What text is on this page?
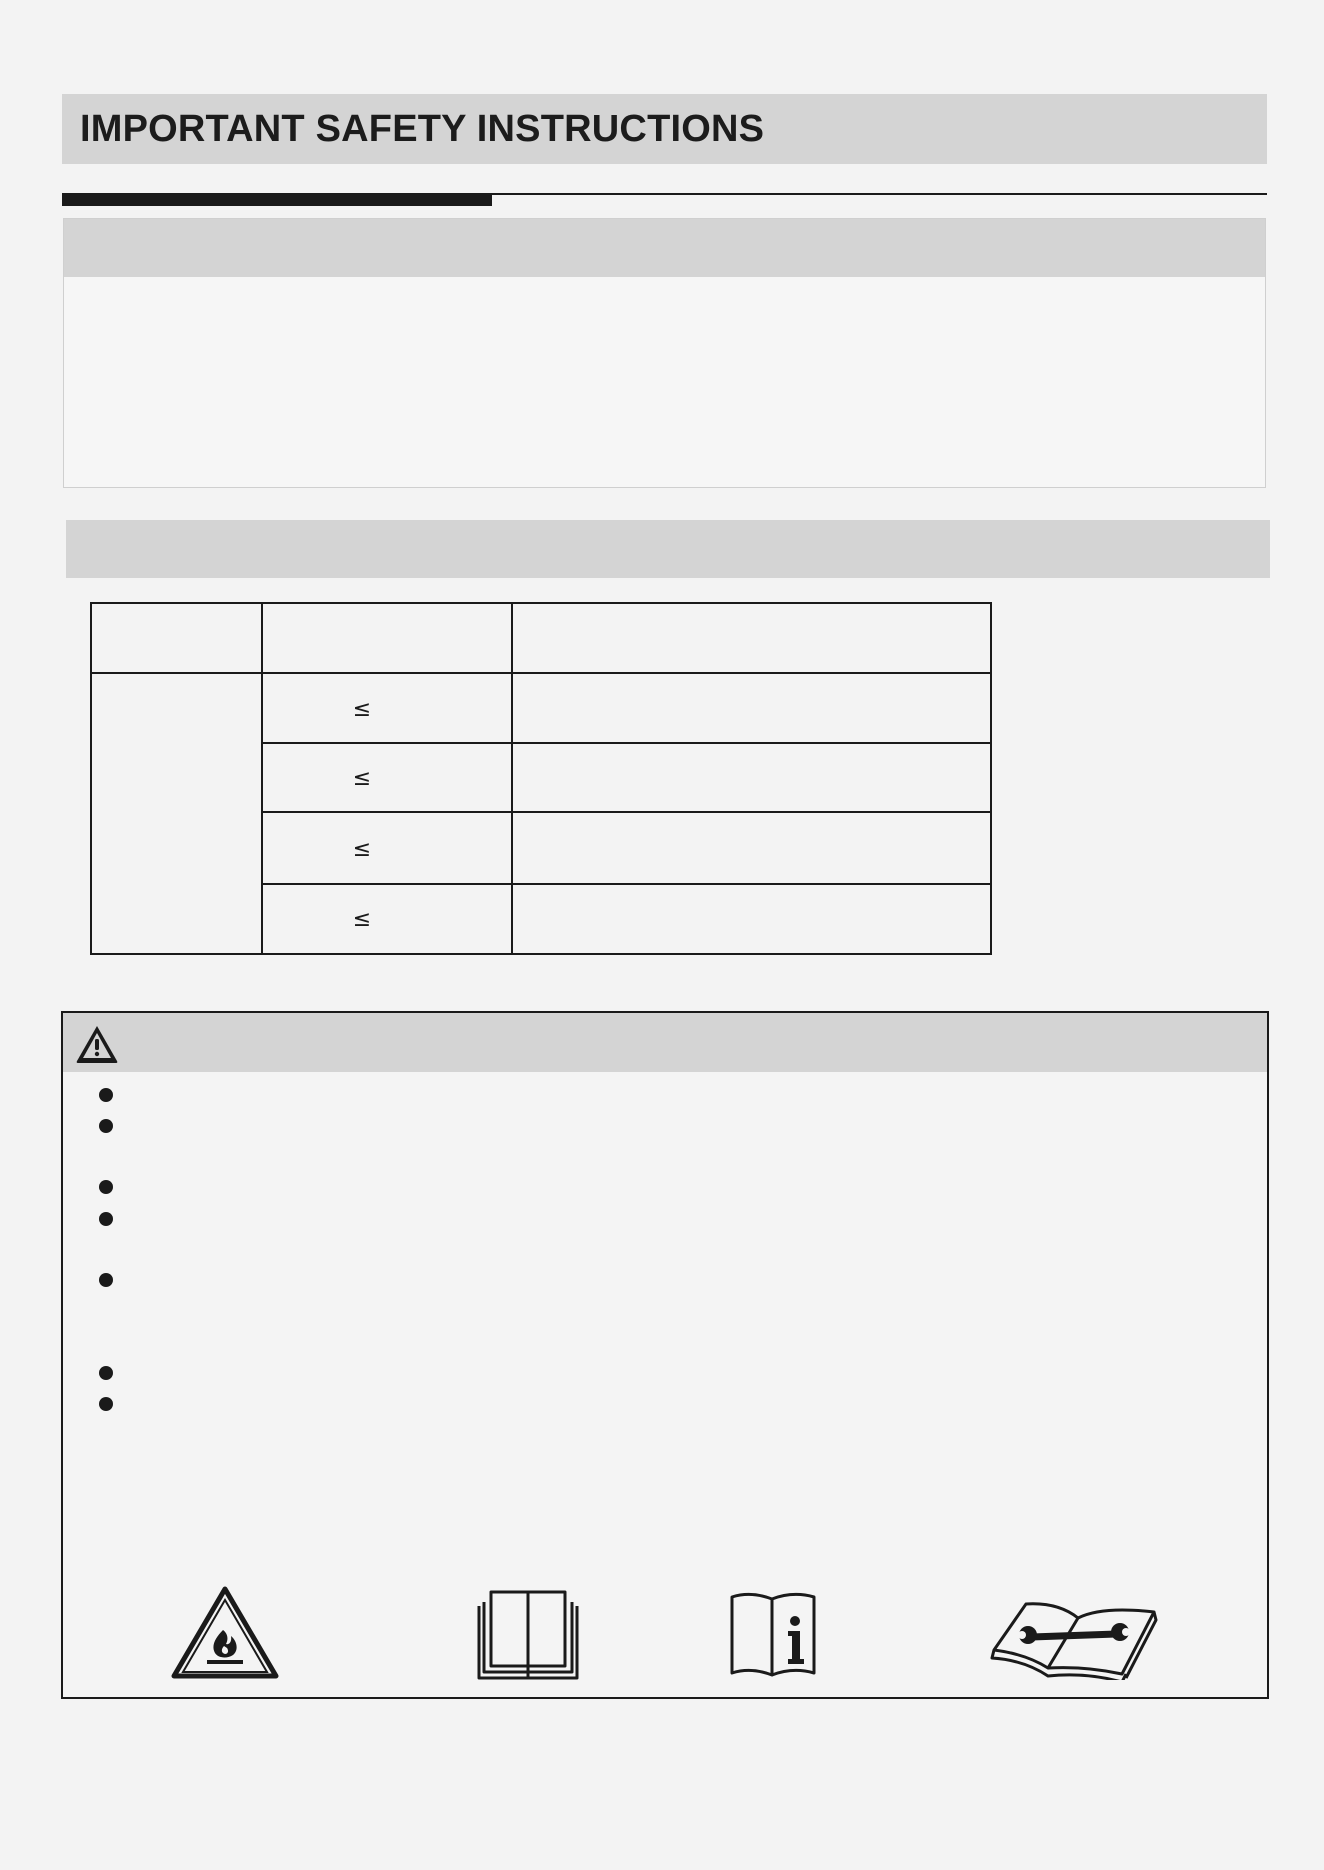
IMPORTANT SAFETY INSTRUCTIONS
≤
≤
≤
≤
